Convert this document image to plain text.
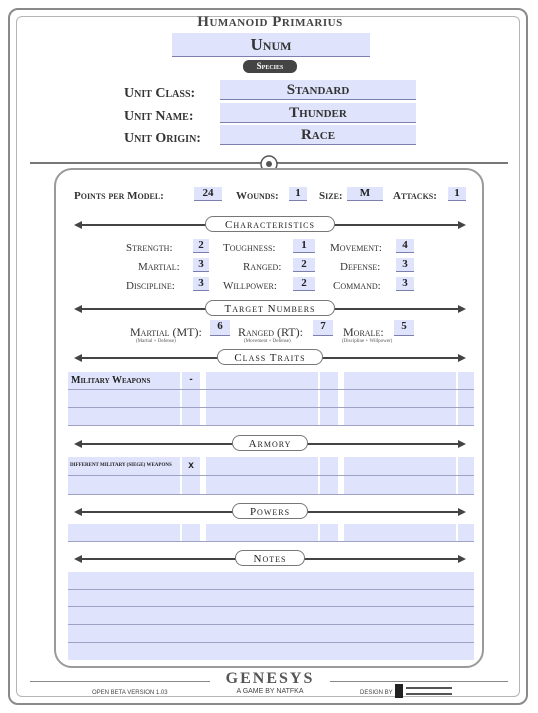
Humanoid Primarius
Unum
Species
Unit Class:	Standard
Unit Name:	Thunder
Unit Origin:	Race
Points per Model:	24	Wounds:	1	Size:	M	Attacks:	1
Characteristics
Strength:	2	Toughness:	1	Movement:	4
Martial:	3	Ranged:	2	Defense:	3
Discipline:	3	Willpower:	2	Command:	3
Target Numbers
Martial (MT):	6
(Martial + Defense)
Ranged (RT):	7
(Movement + Defense)
Morale:	5
(Discipline + Willpower)
Class Traits
Military Weapons	-
Armory
DIFFERENT MILITARY (SIEGE) WEAPONS	x
Powers
Notes
GENESYS
A GAME BY NATFKA
OPEN BETA VERSION 1.03	DESIGN BY
